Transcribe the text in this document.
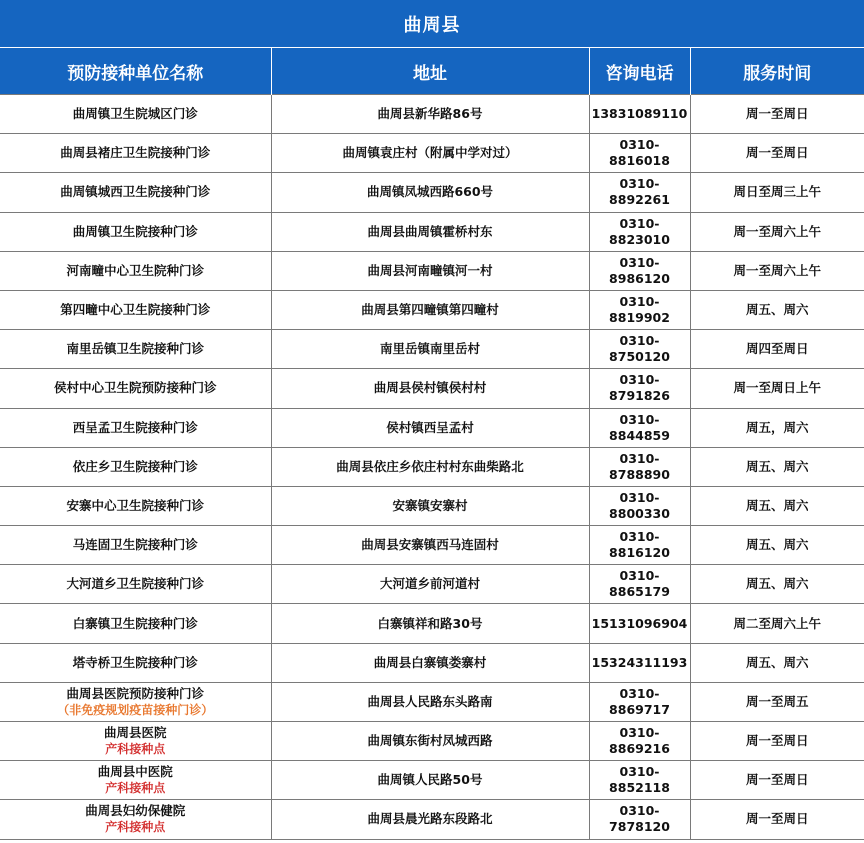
曲周县
预防接种单位名称	地址	咨询电话	服务时间
曲周镇卫生院城区门诊	曲周县新华路86号	13831089110	周一至周日
曲周县褚庄卫生院接种门诊	曲周镇袁庄村（附属中学对过）	0310-8816018	周一至周日
曲周镇城西卫生院接种门诊	曲周镇凤城西路660号	0310-8892261	周日至周三上午
曲周镇卫生院接种门诊	曲周县曲周镇霍桥村东	0310-8823010	周一至周六上午
河南疃中心卫生院种门诊	曲周县河南疃镇河一村	0310-8986120	周一至周六上午
第四疃中心卫生院接种门诊	曲周县第四疃镇第四疃村	0310-8819902	周五、周六
南里岳镇卫生院接种门诊	南里岳镇南里岳村	0310-8750120	周四至周日
侯村中心卫生院预防接种门诊	曲周县侯村镇侯村村	0310-8791826	周一至周日上午
西呈孟卫生院接种门诊	侯村镇西呈孟村	0310-8844859	周五，周六
依庄乡卫生院接种门诊	曲周县依庄乡依庄村村东曲柴路北	0310-8788890	周五、周六
安寨中心卫生院接种门诊	安寨镇安寨村	0310-8800330	周五、周六
马连固卫生院接种门诊	曲周县安寨镇西马连固村	0310-8816120	周五、周六
大河道乡卫生院接种门诊	大河道乡前河道村	0310-8865179	周五、周六
白寨镇卫生院接种门诊	白寨镇祥和路30号	15131096904	周二至周六上午
塔寺桥卫生院接种门诊	曲周县白寨镇娄寨村	15324311193	周五、周六
曲周县医院预防接种门诊
（非免疫规划疫苗接种门诊）	曲周县人民路东头路南	0310-8869717	周一至周五
曲周县医院
产科接种点	曲周镇东街村凤城西路	0310-8869216	周一至周日
曲周县中医院
产科接种点	曲周镇人民路50号	0310-8852118	周一至周日
曲周县妇幼保健院
产科接种点	曲周县晨光路东段路北	0310-7878120	周一至周日
